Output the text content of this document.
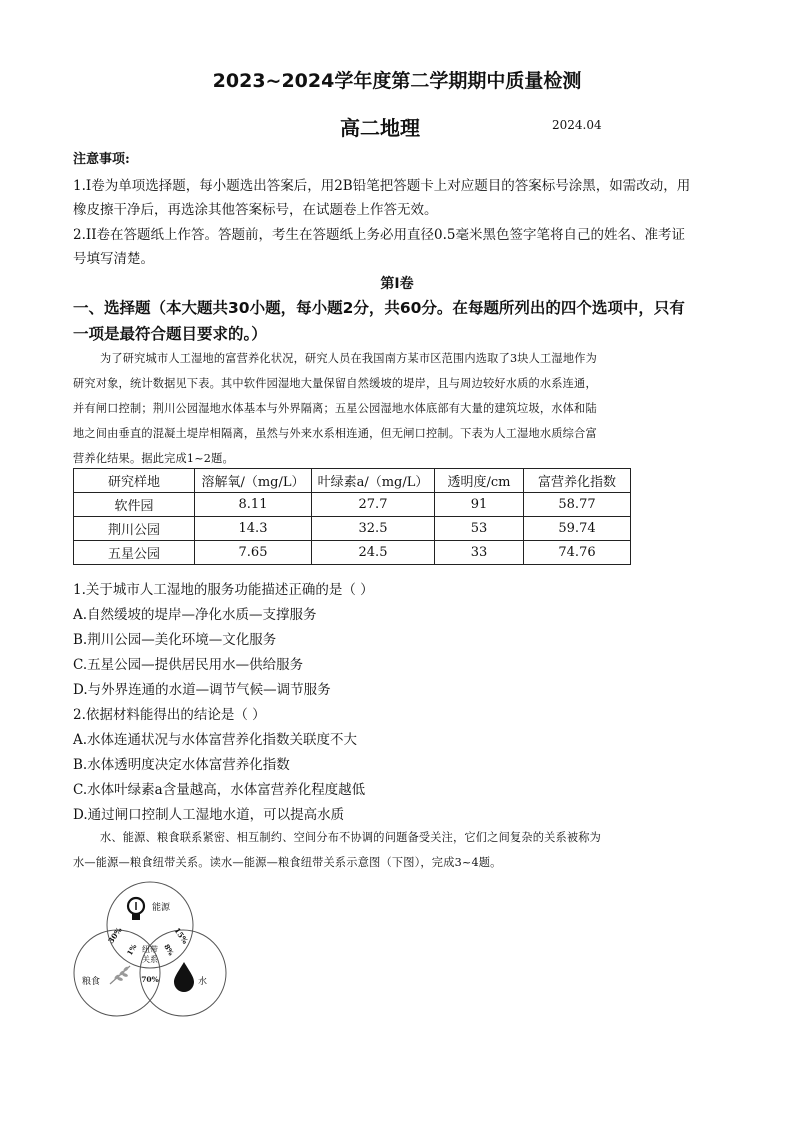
2023~2024学年度第二学期期中质量检测
高二地理	2024.04
注意事项:
1.I卷为单项选择题，每小题选出答案后，用2B铅笔把答题卡上对应题目的答案标号涂黑，如需改动，用
橡皮擦干净后，再选涂其他答案标号，在试题卷上作答无效。
2.II卷在答题纸上作答。答题前，考生在答题纸上务必用直径0.5毫米黑色签字笔将自己的姓名、准考证
号填写清楚。
第I卷
一、选择题（本大题共30小题，每小题2分，共60分。在每题所列出的四个选项中，只有
一项是最符合题目要求的。）
为了研究城市人工湿地的富营养化状况，研究人员在我国南方某市区范围内选取了3块人工湿地作为
研究对象，统计数据见下表。其中软件园湿地大量保留自然缓坡的堤岸，且与周边较好水质的水系连通，
并有闸口控制；荆川公园湿地水体基本与外界隔离；五星公园湿地水体底部有大量的建筑垃圾，水体和陆
地之间由垂直的混凝土堤岸相隔离，虽然与外来水系相连通，但无闸口控制。下表为人工湿地水质综合富
营养化结果。据此完成1~2题。
研究样地	溶解氧/（mg/L）	叶绿素a/（mg/L）	透明度/cm	富营养化指数
软件园	8.11	27.7	91	58.77
荆川公园	14.3	32.5	53	59.74
五星公园	7.65	24.5	33	74.76
1.关于城市人工湿地的服务功能描述正确的是（ ）
A.自然缓坡的堤岸—净化水质—支撑服务
B.荆川公园—美化环境—文化服务
C.五星公园—提供居民用水—供给服务
D.与外界连通的水道—调节气候—调节服务
2.依据材料能得出的结论是（ ）
A.水体连通状况与水体富营养化指数关联度不大
B.水体透明度决定水体富营养化指数
C.水体叶绿素a含量越高，水体富营养化程度越低
D.通过闸口控制人工湿地水道，可以提高水质
水、能源、粮食联系紧密、相互制约、空间分布不协调的问题备受关注，它们之间复杂的关系被称为
水—能源—粮食纽带关系。读水—能源—粮食纽带关系示意图（下图），完成3~4题。
能源
粮食	水
纽带
关系
30%	15%
70%
1%	8%
